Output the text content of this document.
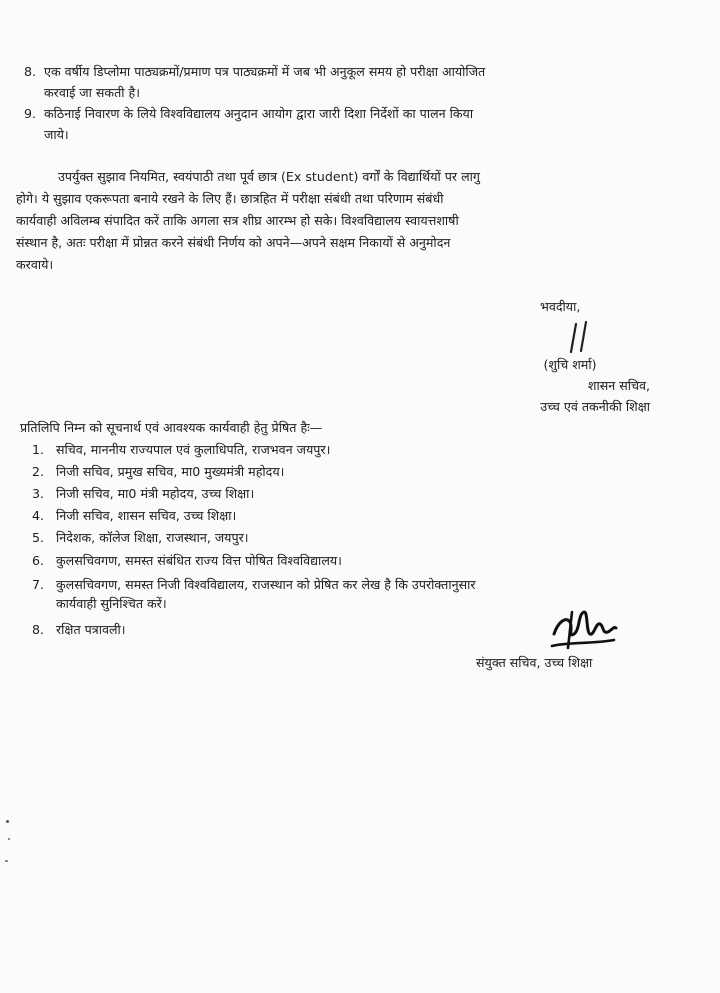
8. एक वर्षीय डिप्लोमा पाठ्यक्रमों/प्रमाण पत्र पाठ्यक्रमों में जब भी अनुकूल समय हो परीक्षा आयोजित
करवाई जा सकती है।
9. कठिनाई निवारण के लिये विश्वविद्यालय अनुदान आयोग द्वारा जारी दिशा निर्देशों का पालन किया
जाये।
उपर्युक्त सुझाव नियमित, स्वयंपाठी तथा पूर्व छात्र (Ex student) वर्गों के विद्यार्थियों पर लागु
होगे। ये सुझाव एकरूपता बनाये रखने के लिए हैं। छात्रहित में परीक्षा संबंधी तथा परिणाम संबंधी
कार्यवाही अविलम्ब संपादित करें ताकि अगला सत्र शीघ्र आरम्भ हो सके। विश्वविद्यालय स्वायत्तशाषी
संस्थान है, अतः परीक्षा में प्रोन्नत करने संबंधी निर्णय को अपने—अपने सक्षम निकायों से अनुमोदन
करवाये।
भवदीया,
(शुचि शर्मा)
शासन सचिव,
उच्च एवं तकनीकी शिक्षा
प्रतिलिपि निम्न को सूचनार्थ एवं आवश्यक कार्यवाही हेतु प्रेषित हैः—
1. सचिव, माननीय राज्यपाल एवं कुलाधिपति, राजभवन जयपुर।
2. निजी सचिव, प्रमुख सचिव, मा0 मुख्यमंत्री महोदय।
3. निजी सचिव, मा0 मंत्री महोदय, उच्च शिक्षा।
4. निजी सचिव, शासन सचिव, उच्च शिक्षा।
5. निदेशक, कॉलेज शिक्षा, राजस्थान, जयपुर।
6. कुलसचिवगण, समस्त संबंधित राज्य वित्त पोषित विश्वविद्यालय।
7. कुलसचिवगण, समस्त निजी विश्वविद्यालय, राजस्थान को प्रेषित कर लेख है कि उपरोक्तानुसार
कार्यवाही सुनिश्चित करें।
8. रक्षित पत्रावली।
संयुक्त सचिव, उच्च शिक्षा
